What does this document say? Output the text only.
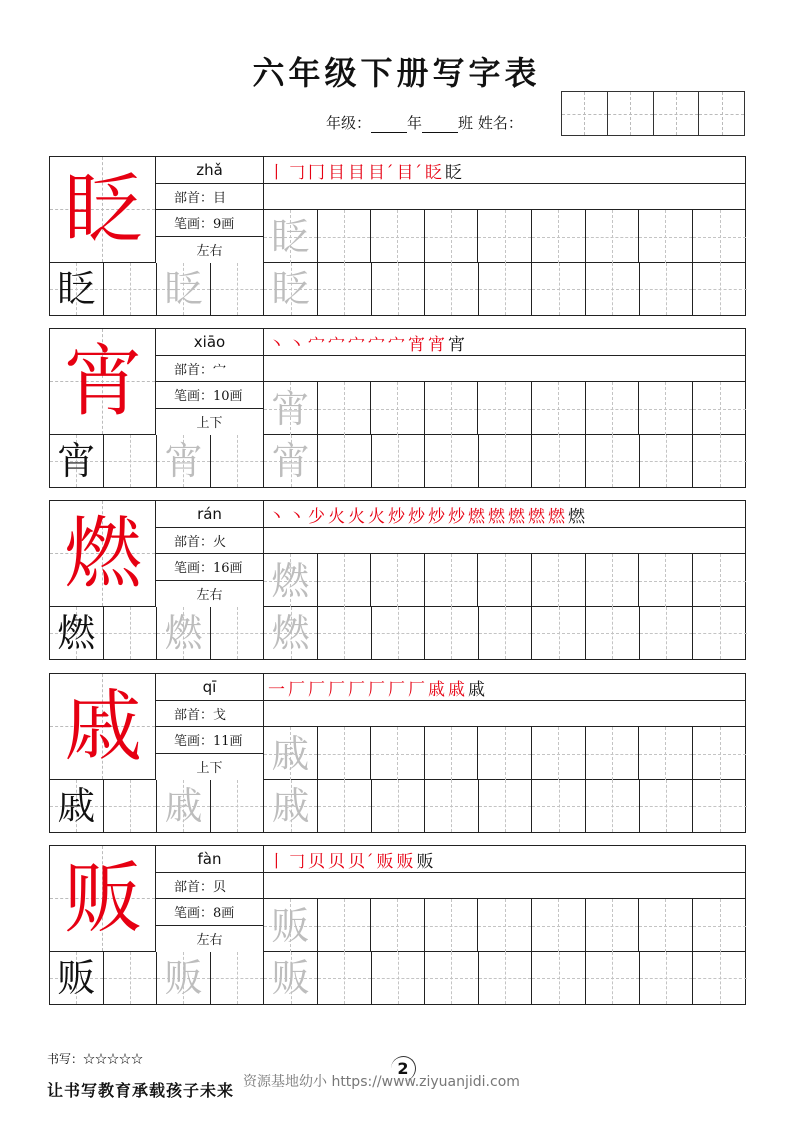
六年级下册写字表
年级： 年 班 姓名：
眨	zhǎ
部首： 目
笔画： 9画
左右
丨 𠃌 冂 目 目 目ˊ 目ˊ 眨 眨
眨
眨 眨 眨
宵	xiāo
部首： 宀
笔画： 10画
上下
丶 丶 宀 宀 宀 宀 宀 宵 宵 宵
宵
宵 宵 宵
燃	rán
部首： 火
笔画： 16画
左右
丶 丶 少 火 火 火 炒 炒 炒 炒 燃 燃 燃 燃 燃 燃
燃
燃 燃 燃
戚	qī
部首： 戈
笔画： 11画
上下
一 厂 厂 厂 厂 厂 厂 厂 戚 戚 戚
戚
戚 戚 戚
贩	fàn
部首： 贝
笔画： 8画
左右
丨 𠃌 贝 贝 贝ˊ 贩 贩 贩
贩
贩 贩 贩
书写：☆☆☆☆☆
让书写教育承载孩子未来
2
资源基地幼小 https://www.ziyuanjidi.com
